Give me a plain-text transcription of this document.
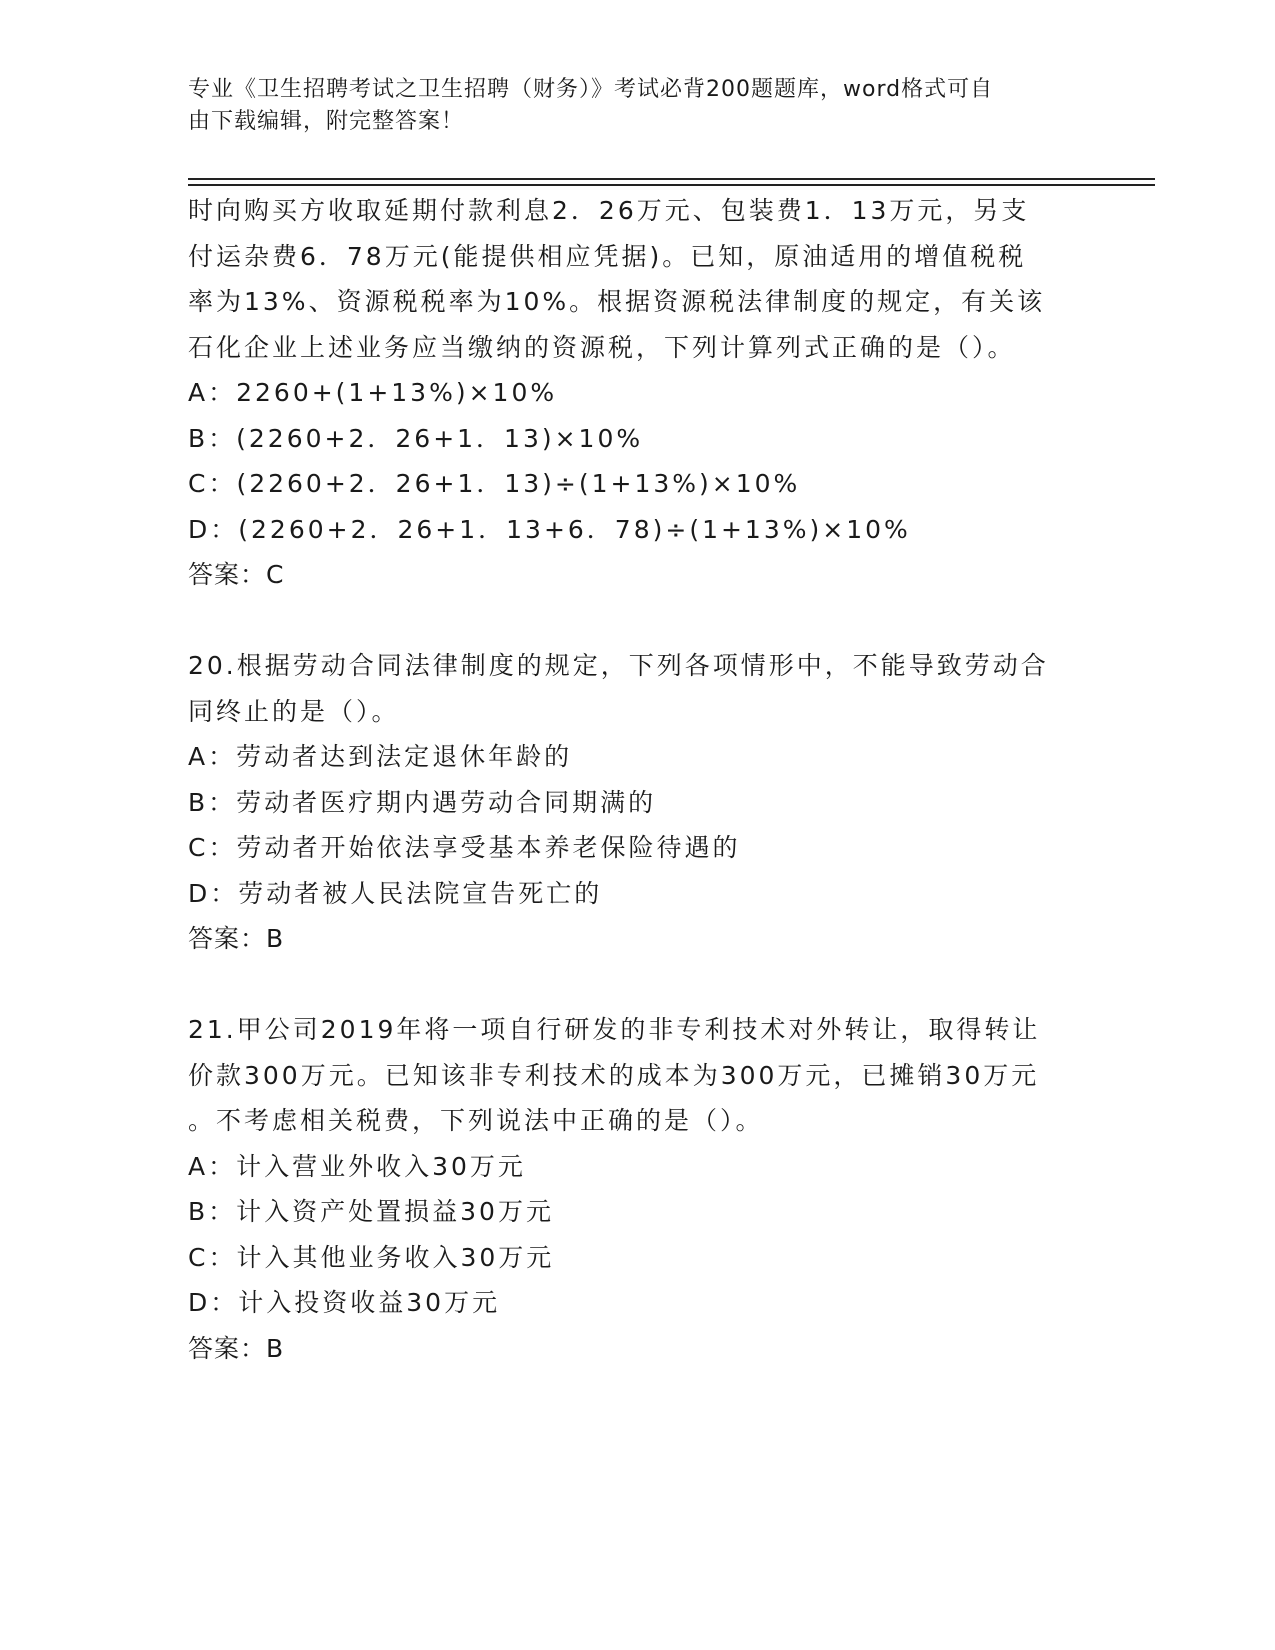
专业《卫生招聘考试之卫生招聘（财务）》考试必背200题题库，word格式可自
由下载编辑，附完整答案！
时向购买方收取延期付款利息2．26万元、包装费1．13万元，另支
付运杂费6．78万元(能提供相应凭据)。已知，原油适用的增值税税
率为13%、资源税税率为10%。根据资源税法律制度的规定，有关该
石化企业上述业务应当缴纳的资源税，下列计算列式正确的是（）。
A：2260+(1+13%)×10%
B：(2260+2．26+1．13)×10%
C：(2260+2．26+1．13)÷(1+13%)×10%
D：(2260+2．26+1．13+6．78)÷(1+13%)×10%
答案：C
20.根据劳动合同法律制度的规定，下列各项情形中，不能导致劳动合
同终止的是（）。
A：劳动者达到法定退休年龄的
B：劳动者医疗期内遇劳动合同期满的
C：劳动者开始依法享受基本养老保险待遇的
D：劳动者被人民法院宣告死亡的
答案：B
21.甲公司2019年将一项自行研发的非专利技术对外转让，取得转让
价款300万元。已知该非专利技术的成本为300万元，已摊销30万元
。不考虑相关税费，下列说法中正确的是（）。
A：计入营业外收入30万元
B：计入资产处置损益30万元
C：计入其他业务收入30万元
D：计入投资收益30万元
答案：B
